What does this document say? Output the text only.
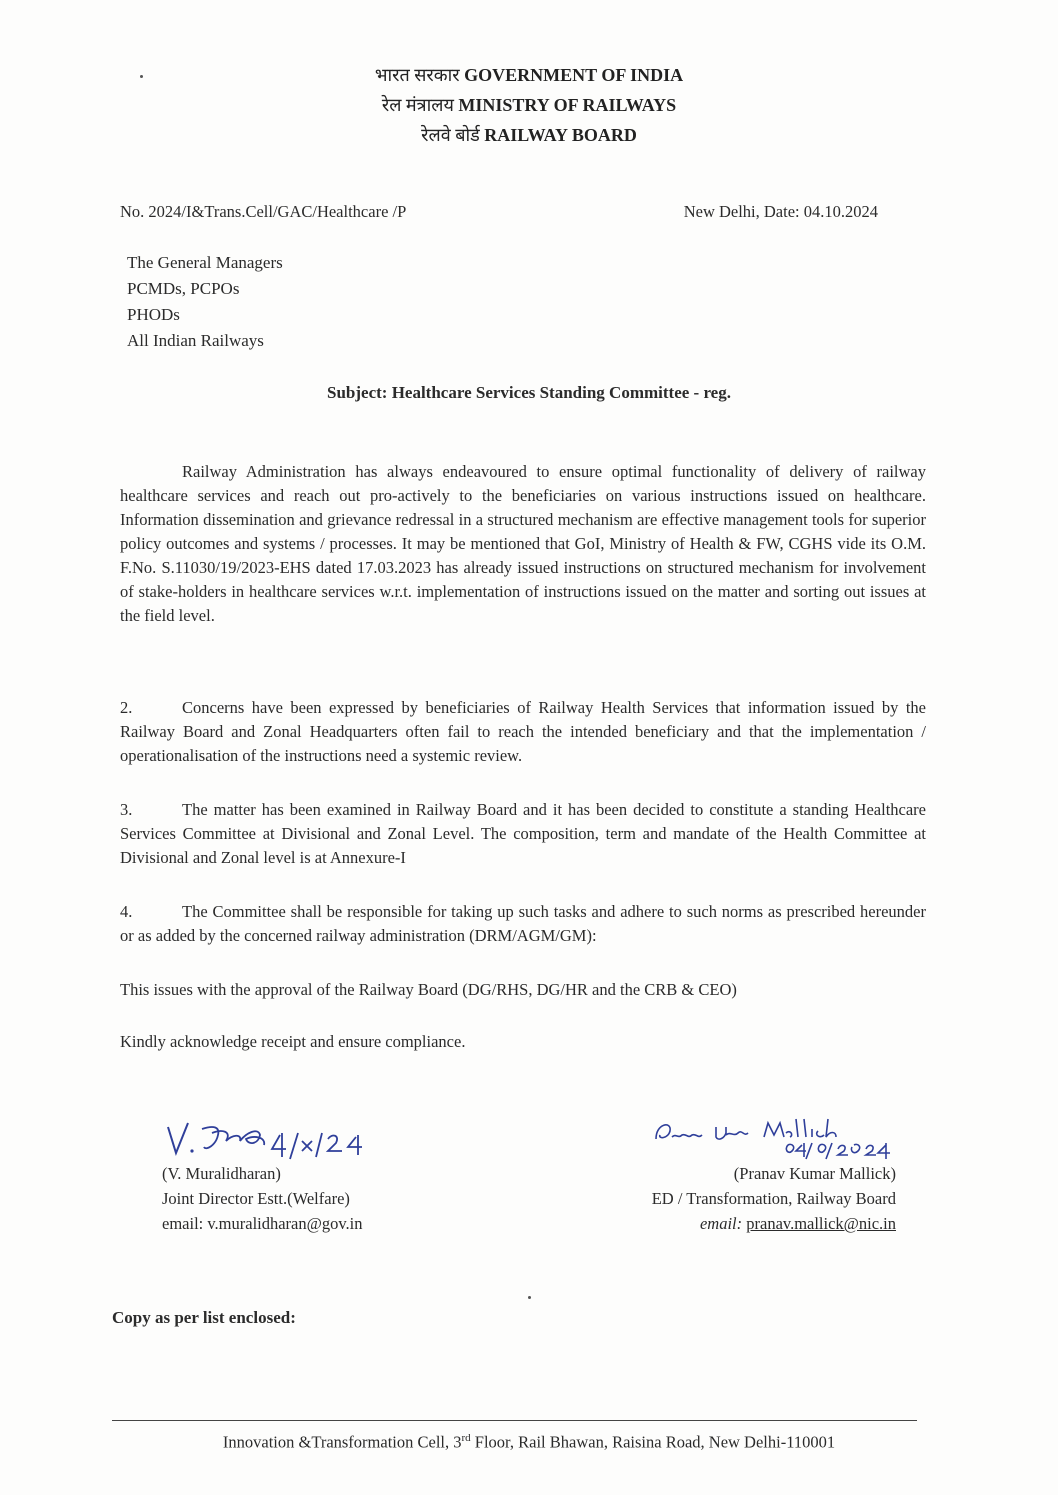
भारत सरकार GOVERNMENT OF INDIA
रेल मंत्रालय MINISTRY OF RAILWAYS
रेलवे बोर्ड RAILWAY BOARD
No. 2024/I&Trans.Cell/GAC/Healthcare /P	New Delhi, Date: 04.10.2024
The General Managers
PCMDs, PCPOs
PHODs
All Indian Railways
Subject: Healthcare Services Standing Committee - reg.
Railway Administration has always endeavoured to ensure optimal functionality of delivery of railway healthcare services and reach out pro-actively to the beneficiaries on various instructions issued on healthcare. Information dissemination and grievance redressal in a structured mechanism are effective management tools for superior policy outcomes and systems / processes. It may be mentioned that GoI, Ministry of Health & FW, CGHS vide its O.M. F.No. S.11030/19/2023-EHS dated 17.03.2023 has already issued instructions on structured mechanism for involvement of stake-holders in healthcare services w.r.t. implementation of instructions issued on the matter and sorting out issues at the field level.
2.	Concerns have been expressed by beneficiaries of Railway Health Services that information issued by the Railway Board and Zonal Headquarters often fail to reach the intended beneficiary and that the implementation / operationalisation of the instructions need a systemic review.
3.	The matter has been examined in Railway Board and it has been decided to constitute a standing Healthcare Services Committee at Divisional and Zonal Level. The composition, term and mandate of the Health Committee at Divisional and Zonal level is at Annexure-I
4.	The Committee shall be responsible for taking up such tasks and adhere to such norms as prescribed hereunder or as added by the concerned railway administration (DRM/AGM/GM):
This issues with the approval of the Railway Board (DG/RHS, DG/HR and the CRB & CEO)
Kindly acknowledge receipt and ensure compliance.
(V. Muralidharan)
Joint Director Estt.(Welfare)
email: v.muralidharan@gov.in
(Pranav Kumar Mallick)
ED / Transformation, Railway Board
email: pranav.mallick@nic.in
Copy as per list enclosed:
Innovation &Transformation Cell, 3rd Floor, Rail Bhawan, Raisina Road, New Delhi-110001
